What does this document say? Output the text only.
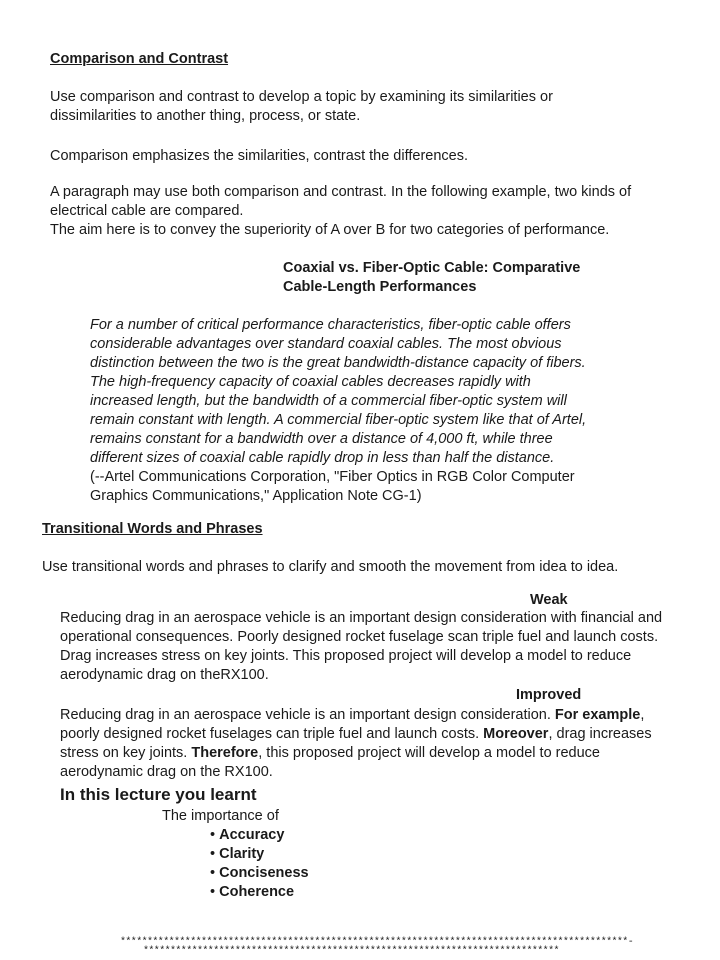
Comparison and Contrast
Use comparison and contrast to develop a topic by examining its similarities or dissimilarities to another thing, process, or state.
Comparison emphasizes the similarities, contrast the differences.
A paragraph may use both comparison and contrast. In the following example, two kinds of electrical cable are compared.
The aim here is to convey the superiority of A over B for two categories of performance.
Coaxial vs. Fiber-Optic Cable: Comparative
Cable-Length Performances
For a number of critical performance characteristics, fiber-optic cable offers
considerable advantages over standard coaxial cables. The most obvious
distinction between the two is the great bandwidth-distance capacity of fibers.
The high-frequency capacity of coaxial cables decreases rapidly with
increased length, but the bandwidth of a commercial fiber-optic system will
remain constant with length. A commercial fiber-optic system like that of Artel,
remains constant for a bandwidth over a distance of 4,000 ft, while three
different sizes of coaxial cable rapidly drop in less than half the distance.
(--Artel Communications Corporation, "Fiber Optics in RGB Color Computer
Graphics Communications," Application Note CG-1)
Transitional Words and Phrases
Use transitional words and phrases to clarify and smooth the movement from idea to idea.
Weak
Reducing drag in an aerospace vehicle is an important design consideration with financial and operational consequences. Poorly designed rocket fuselage scan triple fuel and launch costs. Drag increases stress on key joints. This proposed project will develop a model to reduce aerodynamic drag on theRX100.
Improved
Reducing drag in an aerospace vehicle is an important design consideration. For example, poorly designed rocket fuselages can triple fuel and launch costs. Moreover, drag increases stress on key joints. Therefore, this proposed project will develop a model to reduce aerodynamic drag on the RX100.
In this lecture you learnt
The importance of
• Accuracy
• Clarity
• Conciseness
• Coherence
**********************************************************************************************-
*****************************************************************************
